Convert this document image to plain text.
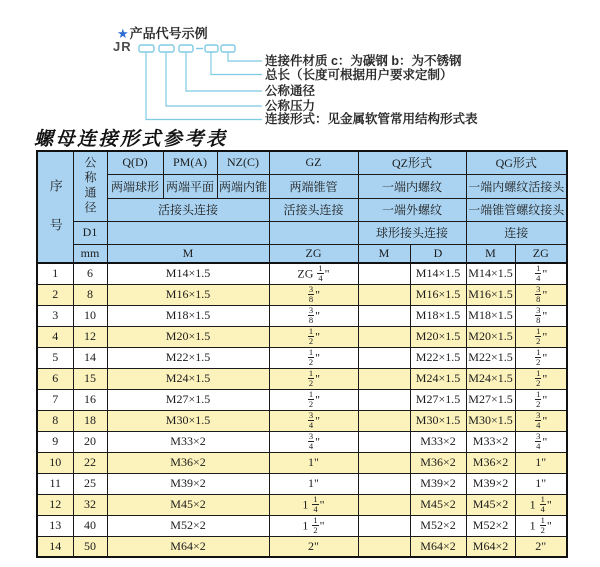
★产品代号示例
JR
连接件材质 c：为碳钢 b：为不锈钢
总长（长度可根据用户要求定制）
公称通径
公称压力
连接形式：见金属软管常用结构形式表
螺母连接形式参考表
序号	公称通径	Q(D)	PM(A)	NZ(C)	GZ	QZ形式		QG形式	
		两端球形	两端平面	两端内锥	两端锥管	一端内螺纹		一端内螺纹活接头	
		活接头连接			活接头连接	一端外螺纹		一端锥管螺纹接头	
	D1					球形接头连接		连接	
	mm	M			ZG	M	D	M	ZG
1	6	M14×1.5			ZG $\frac{1}{4}$ "		M14×1.5	M14×1.5	$\frac{1}{4}$ "
2	8	M16×1.5			$\frac{3}{8}$ "		M16×1.5	M16×1.5	$\frac{3}{8}$ "
3	10	M18×1.5			$\frac{3}{8}$ "		M18×1.5	M18×1.5	$\frac{3}{8}$ "
4	12	M20×1.5			$\frac{1}{2}$ "		M20×1.5	M20×1.5	$\frac{1}{2}$ "
5	14	M22×1.5			$\frac{1}{2}$ "		M22×1.5	M22×1.5	$\frac{1}{2}$ "
6	15	M24×1.5			$\frac{1}{2}$ "		M24×1.5	M24×1.5	$\frac{1}{2}$ "
7	16	M27×1.5			$\frac{1}{2}$ "		M27×1.5	M27×1.5	$\frac{1}{2}$ "
8	18	M30×1.5			$\frac{3}{4}$ "		M30×1.5	M30×1.5	$\frac{3}{4}$ "
9	20	M33×2			$\frac{3}{4}$ "		M33×2	M33×2	$\frac{3}{4}$ "
10	22	M36×2			1"		M36×2	M36×2	1"
11	25	M39×2			1"		M39×2	M39×2	1"
12	32	M45×2			$1 \frac{1}{4}$ "		M45×2	M45×2	$1 \frac{1}{4}$ "
13	40	M52×2			$1 \frac{1}{2}$ "		M52×2	M52×2	$1 \frac{1}{2}$ "
14	50	M64×2			2"		M64×2	M64×2	2"
